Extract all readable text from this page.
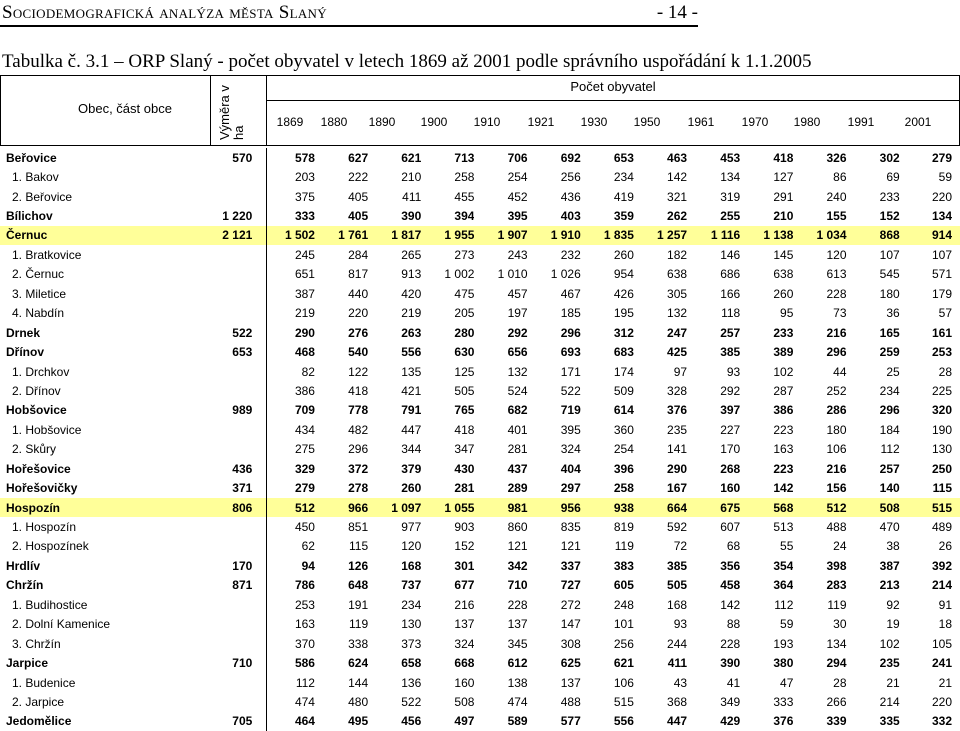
Sociodemografická analýza města Slaný	- 14 -
Tabulka č. 3.1 – ORP Slaný - počet obyvatel v letech 1869 až 2001 podle správního uspořádání k 1.1.2005
Obec, část obce	Výměra v ha
Počet obyvatel
1869	1880	1890	1900	1910	1921	1930	1950	1961	1970	1980	1991	2001
Beřovice	570	578	627	621	713	706	692	653	463	453	418	326	302	279
1. Bakov		203	222	210	258	254	256	234	142	134	127	86	69	59
2. Beřovice		375	405	411	455	452	436	419	321	319	291	240	233	220
Bílichov	1 220	333	405	390	394	395	403	359	262	255	210	155	152	134
Černuc	2 121	1 502	1 761	1 817	1 955	1 907	1 910	1 835	1 257	1 116	1 138	1 034	868	914
1. Bratkovice		245	284	265	273	243	232	260	182	146	145	120	107	107
2. Černuc		651	817	913	1 002	1 010	1 026	954	638	686	638	613	545	571
3. Miletice		387	440	420	475	457	467	426	305	166	260	228	180	179
4. Nabdín		219	220	219	205	197	185	195	132	118	95	73	36	57
Drnek	522	290	276	263	280	292	296	312	247	257	233	216	165	161
Dřínov	653	468	540	556	630	656	693	683	425	385	389	296	259	253
1. Drchkov		82	122	135	125	132	171	174	97	93	102	44	25	28
2. Dřínov		386	418	421	505	524	522	509	328	292	287	252	234	225
Hobšovice	989	709	778	791	765	682	719	614	376	397	386	286	296	320
1. Hobšovice		434	482	447	418	401	395	360	235	227	223	180	184	190
2. Skůry		275	296	344	347	281	324	254	141	170	163	106	112	130
Hořešovice	436	329	372	379	430	437	404	396	290	268	223	216	257	250
Hořešovičky	371	279	278	260	281	289	297	258	167	160	142	156	140	115
Hospozín	806	512	966	1 097	1 055	981	956	938	664	675	568	512	508	515
1. Hospozín		450	851	977	903	860	835	819	592	607	513	488	470	489
2. Hospozínek		62	115	120	152	121	121	119	72	68	55	24	38	26
Hrdlív	170	94	126	168	301	342	337	383	385	356	354	398	387	392
Chržín	871	786	648	737	677	710	727	605	505	458	364	283	213	214
1. Budihostice		253	191	234	216	228	272	248	168	142	112	119	92	91
2. Dolní Kamenice		163	119	130	137	137	147	101	93	88	59	30	19	18
3. Chržín		370	338	373	324	345	308	256	244	228	193	134	102	105
Jarpice	710	586	624	658	668	612	625	621	411	390	380	294	235	241
1. Budenice		112	144	136	160	138	137	106	43	41	47	28	21	21
2. Jarpice		474	480	522	508	474	488	515	368	349	333	266	214	220
Jedomělice	705	464	495	456	497	589	577	556	447	429	376	339	335	332
